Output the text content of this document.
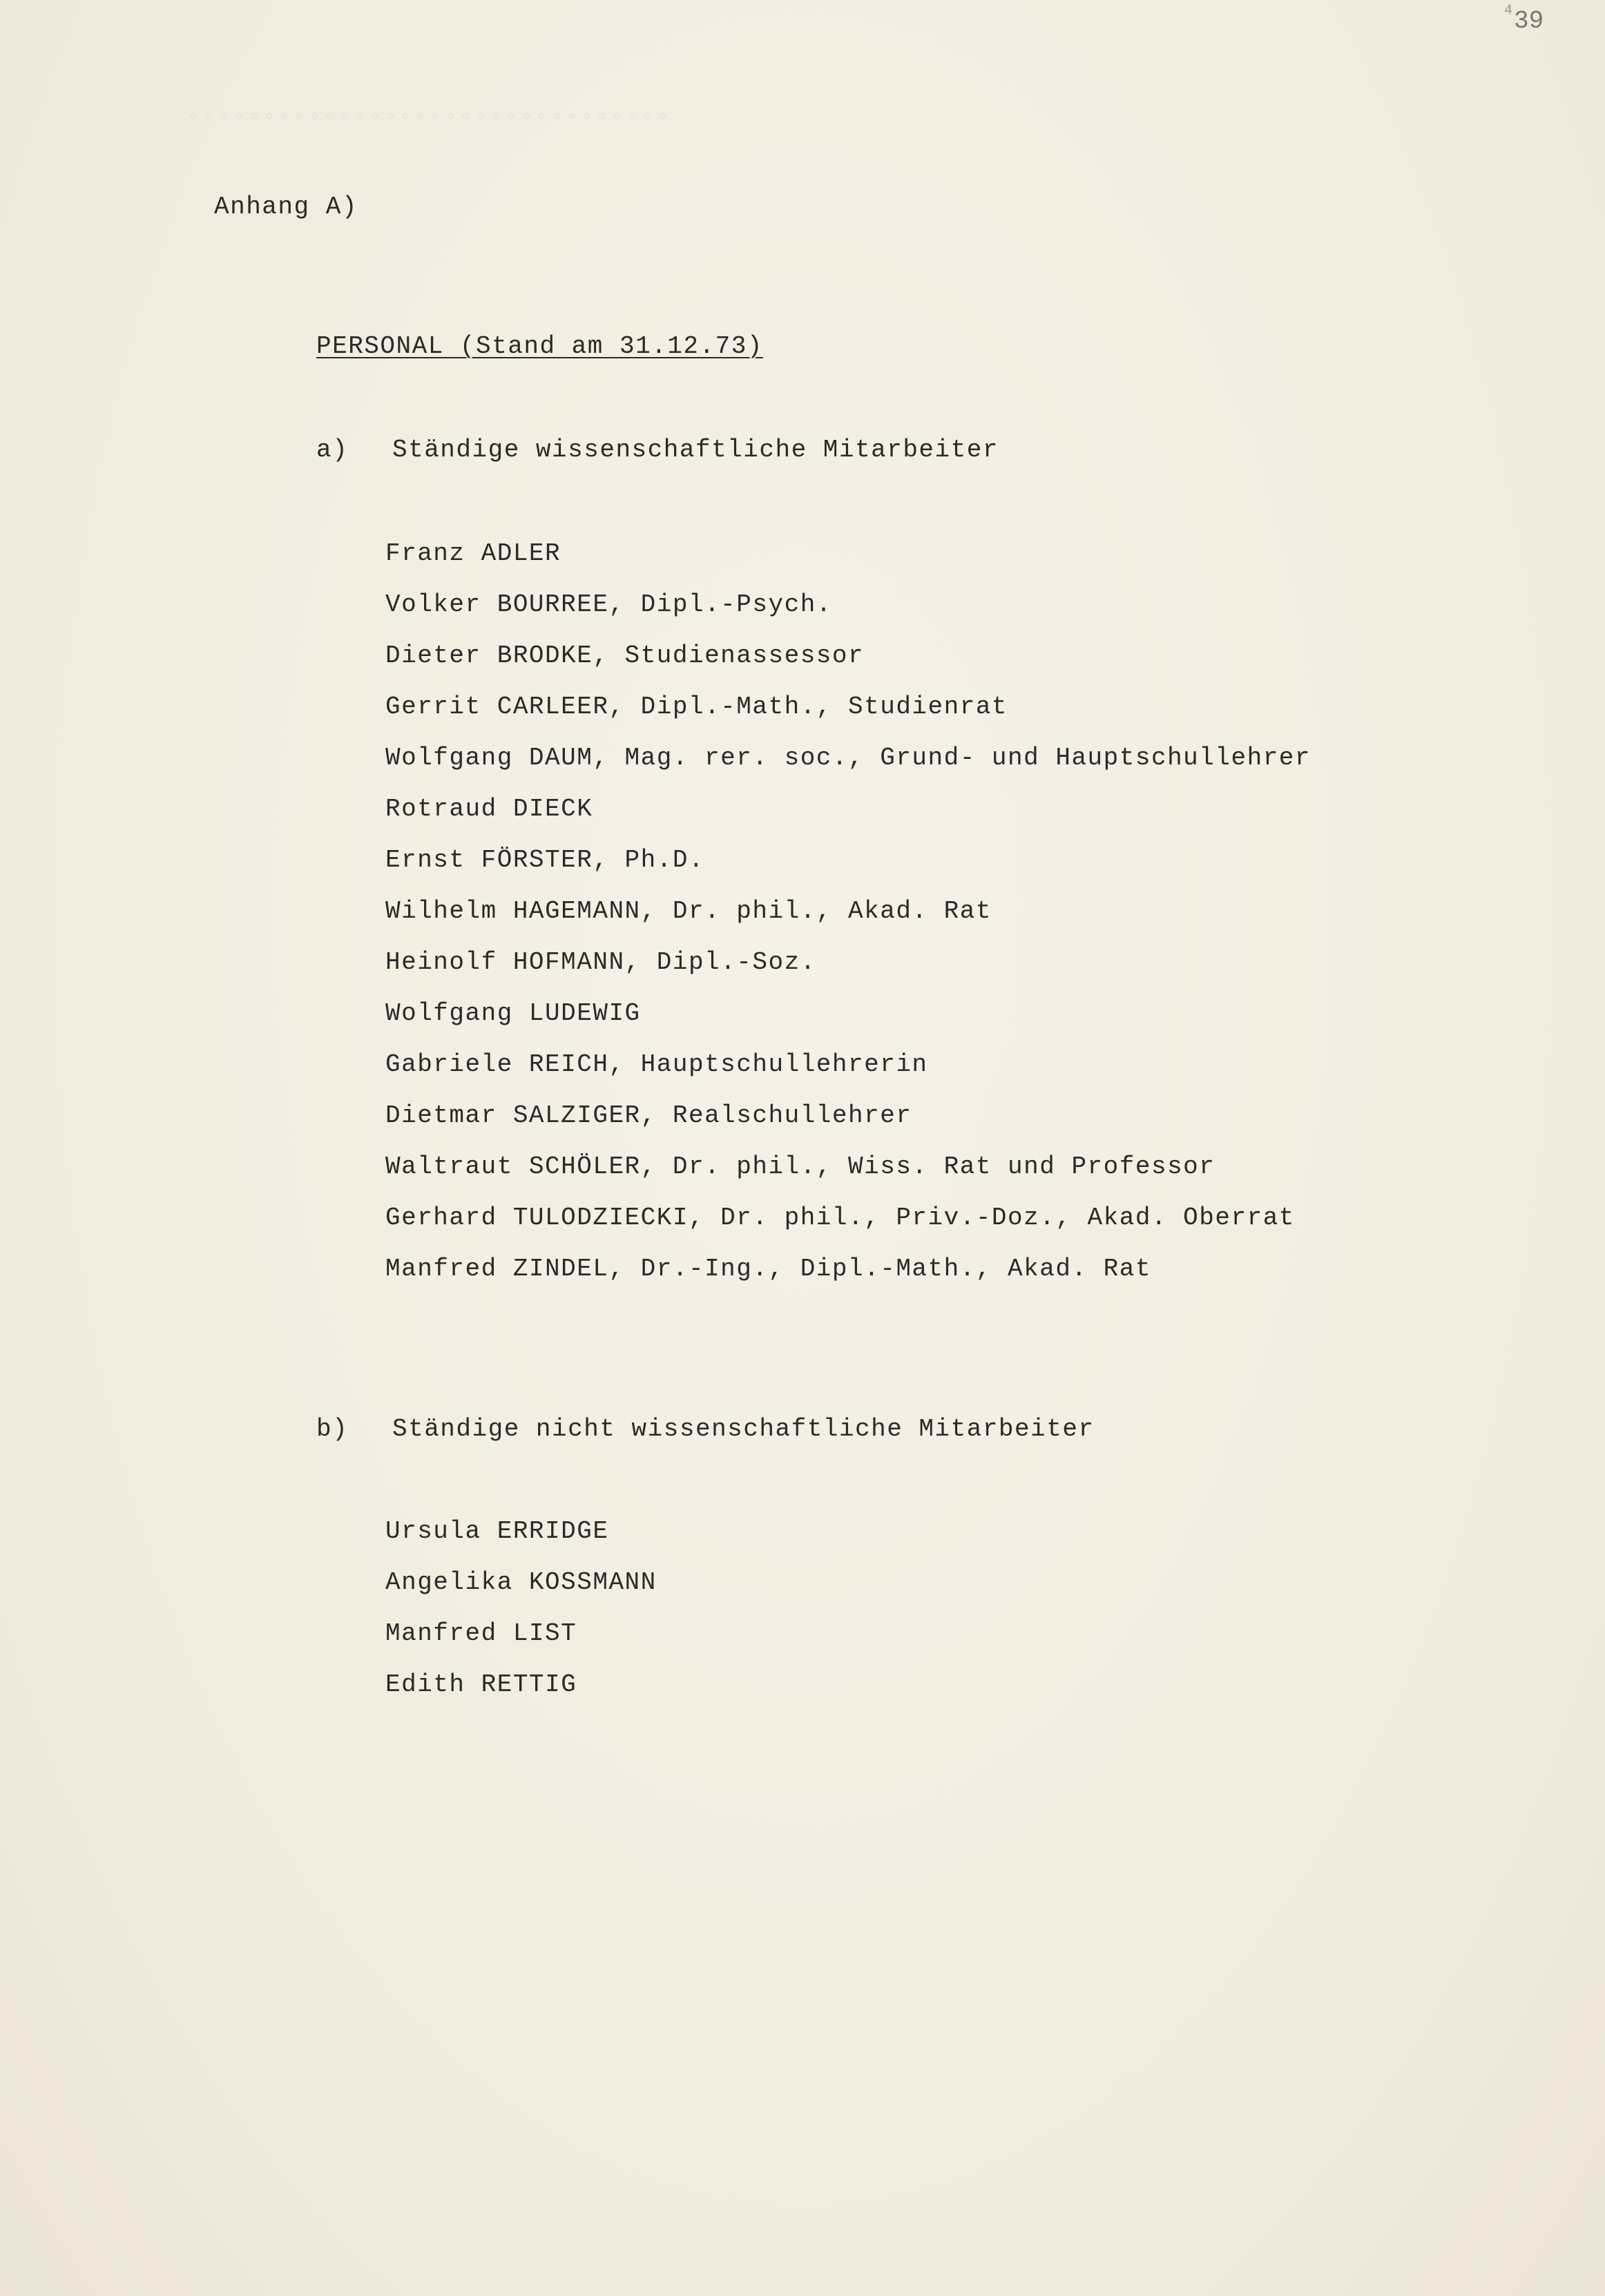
◦◦◦◦◦◦◦◦◦◦◦◦◦◦◦◦◦◦◦◦◦◦◦◦◦◦◦◦◦◦◦◦
4 39
Anhang A)
PERSONAL (Stand am 31.12.73)
a) Ständige wissenschaftliche Mitarbeiter
Franz ADLER
Volker BOURREE, Dipl.-Psych.
Dieter BRODKE, Studienassessor
Gerrit CARLEER, Dipl.-Math., Studienrat
Wolfgang DAUM, Mag. rer. soc., Grund- und Hauptschullehrer
Rotraud DIECK
Ernst FÖRSTER, Ph.D.
Wilhelm HAGEMANN, Dr. phil., Akad. Rat
Heinolf HOFMANN, Dipl.-Soz.
Wolfgang LUDEWIG
Gabriele REICH, Hauptschullehrerin
Dietmar SALZIGER, Realschullehrer
Waltraut SCHÖLER, Dr. phil., Wiss. Rat und Professor
Gerhard TULODZIECKI, Dr. phil., Priv.-Doz., Akad. Oberrat
Manfred ZINDEL, Dr.-Ing., Dipl.-Math., Akad. Rat
b) Ständige nicht wissenschaftliche Mitarbeiter
Ursula ERRIDGE
Angelika KOSSMANN
Manfred LIST
Edith RETTIG
